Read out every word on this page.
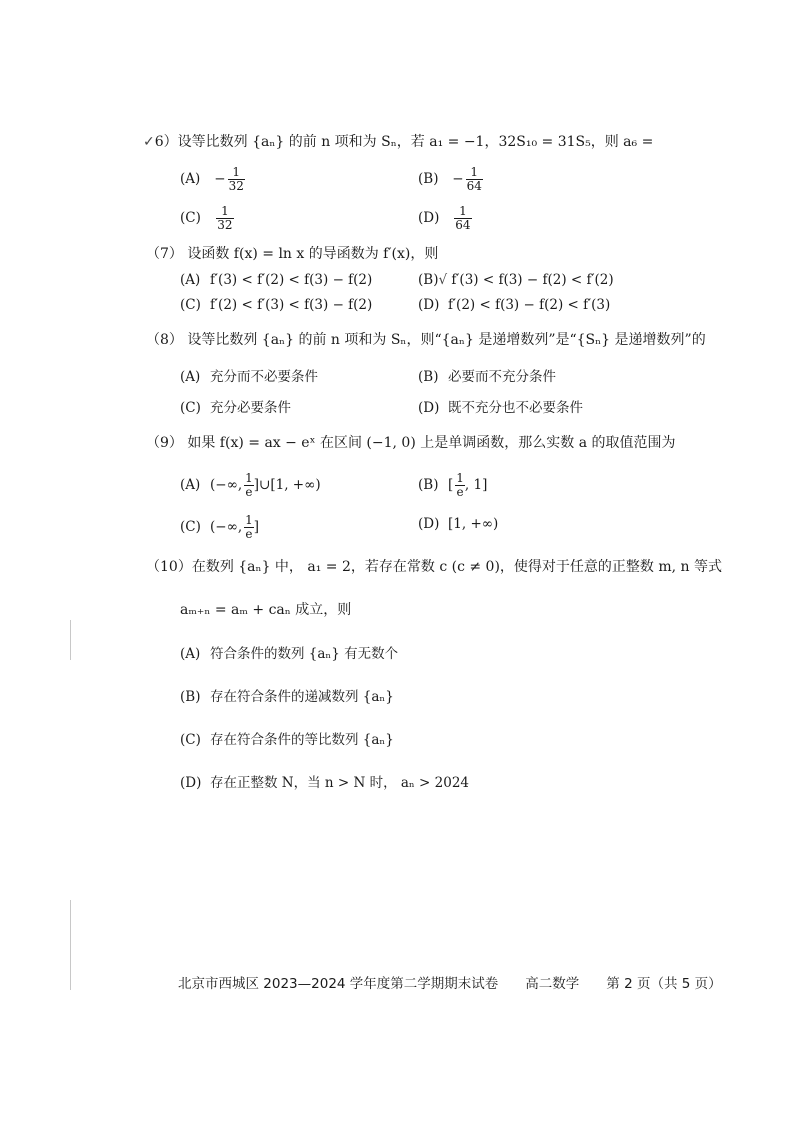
✓6）设等比数列 {aₙ} 的前 n 项和为 Sₙ，若 a₁ = −1，32S₁₀ = 31S₅，则 a₆ =
$(A) - \frac{1}{32}$	$(B) - \frac{1}{64}$
$(C) \frac{1}{32}$	$(D) \frac{1}{64}$
（7） 设函数 f(x) = ln x 的导函数为 f′(x)，则
(A) f′(3) < f′(2) < f(3) − f(2)	(B)√ f′(3) < f(3) − f(2) < f′(2)
(C) f′(2) < f′(3) < f(3) − f(2)	(D) f′(2) < f(3) − f(2) < f′(3)
（8） 设等比数列 {aₙ} 的前 n 项和为 Sₙ，则“{aₙ} 是递增数列”是“{Sₙ} 是递增数列”的
(A) 充分而不必要条件	(B) 必要而不充分条件
(C) 充分必要条件	(D) 既不充分也不必要条件
（9） 如果 f(x) = ax − eˣ 在区间 (−1, 0) 上是单调函数，那么实数 a 的取值范围为
(A) (−∞, $\frac{1}{e}$ ]∪[1, +∞)	(B) [ $\frac{1}{e}$ , 1]
(C) (−∞, $\frac{1}{e}$ ]	(D) [1, +∞)
（10）在数列 {aₙ} 中， a₁ = 2，若存在常数 c (c ≠ 0)，使得对于任意的正整数 m, n 等式
aₘ₊ₙ = aₘ + caₙ 成立，则
(A) 符合条件的数列 {aₙ} 有无数个
(B) 存在符合条件的递减数列 {aₙ}
(C) 存在符合条件的等比数列 {aₙ}
(D) 存在正整数 N，当 n > N 时， aₙ > 2024
北京市西城区 2023—2024 学年度第二学期期末试卷　　高二数学　　第 2 页（共 5 页）
